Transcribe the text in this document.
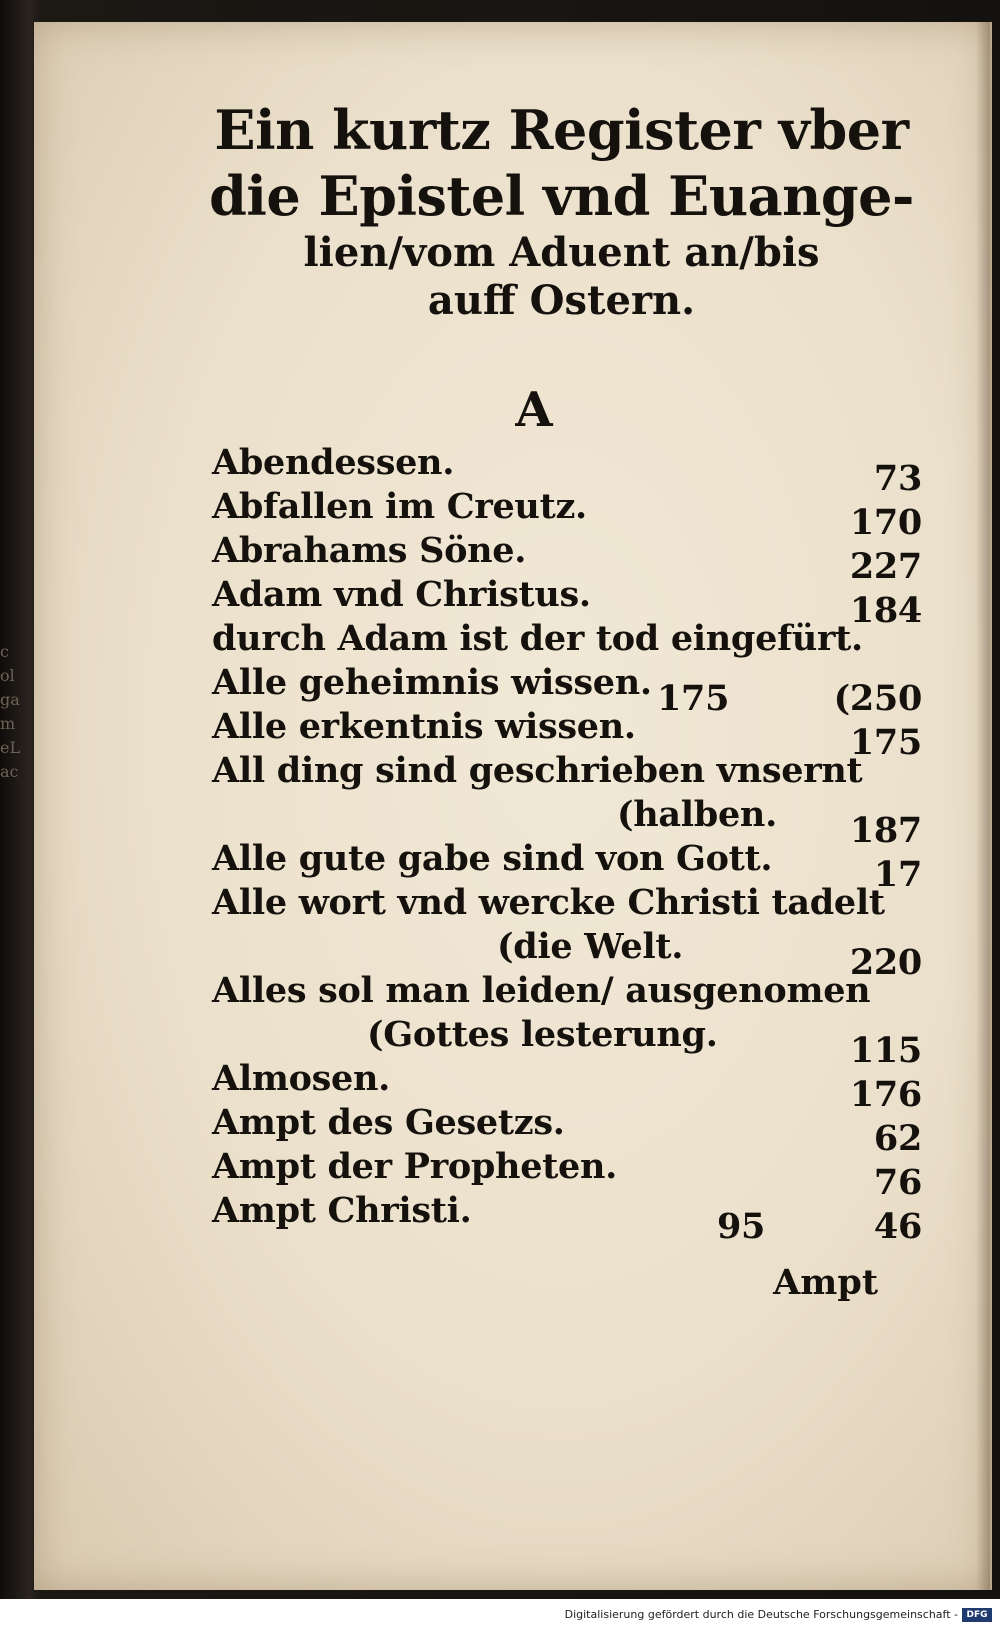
c
ol
ga
m
eL
ac
Ein kurtz Register vber
die Epistel vnd Euange-
lien/vom Aduent an/bis
auff Ostern.
A
Abendessen.	73
Abfallen im Creutz.	170
Abrahams Söne.	227
Adam vnd Christus.	184
durch Adam ist der tod eingefürt.
Alle geheimnis wissen. 175	(250
Alle erkentnis wissen.	175
All ding sind geschrieben vnsernt
(halben. 187
Alle gute gabe sind von Gott.	17
Alle wort vnd wercke Christi tadelt
(die Welt.	220
Alles sol man leiden/ ausgenomen
(Gottes lesterung.	115
Almosen.	176
Ampt des Gesetzs.	62
Ampt der Propheten.	76
Ampt Christi.	95	46
Ampt
Digitalisierung gefördert durch die Deutsche Forschungsgemeinschaft - DFG
